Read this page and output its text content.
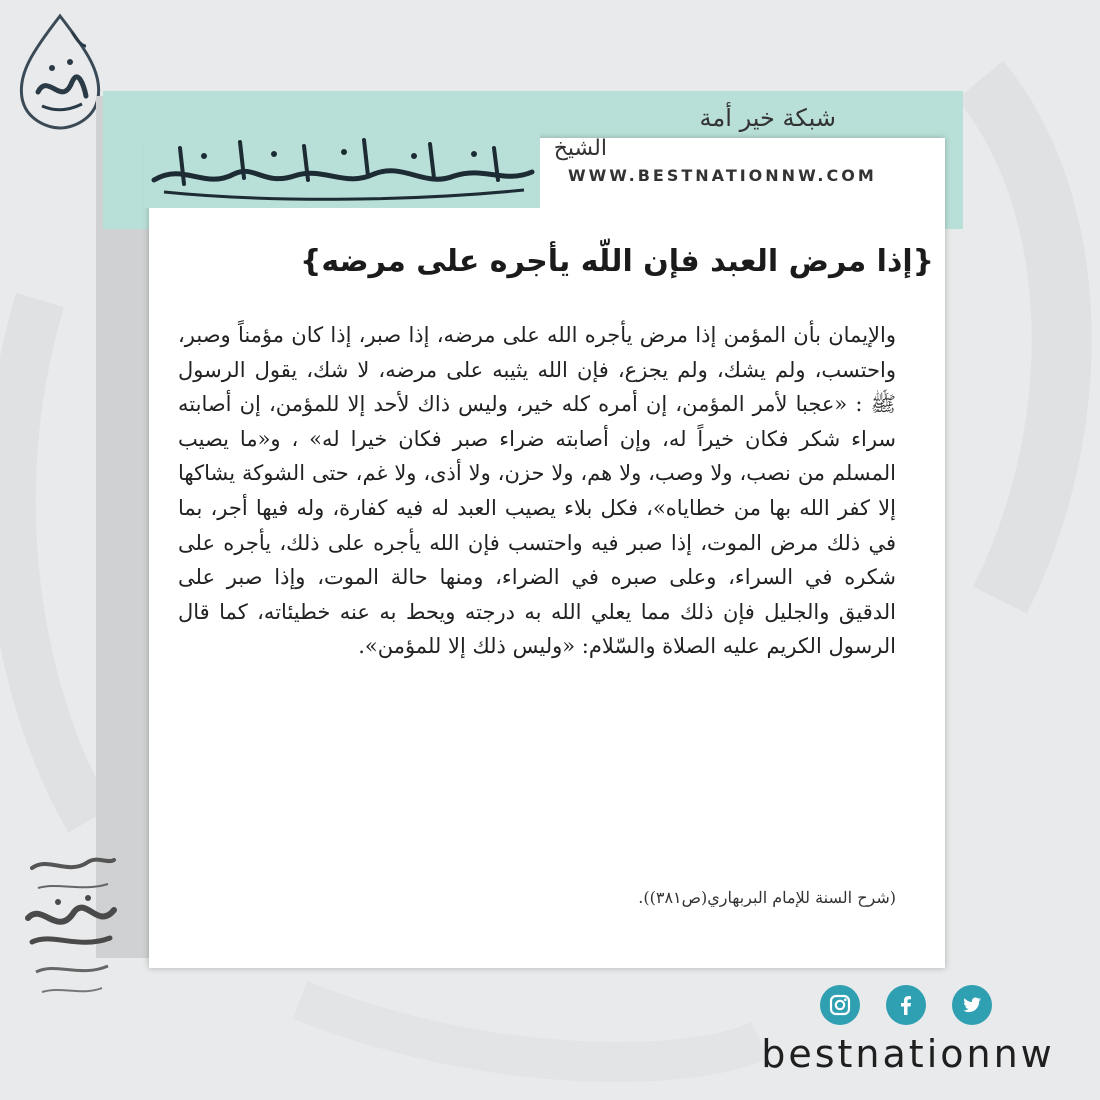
شبكة خير أمة
WWW.BESTNATIONNW.COM
الشيخ
ربيع بن هادي عمير المدخلي
{إذا مرض العبد فإن اللّه يأجره على مرضه}
والإيمان بأن المؤمن إذا مرض يأجره الله على مرضه، إذا صبر، إذا كان مؤمناً وصبر، واحتسب، ولم يشك، ولم يجزع، فإن الله يثيبه على مرضه، لا شك، يقول الرسول ﷺ : «عجبا لأمر المؤمن، إن أمره كله خير، وليس ذاك لأحد إلا للمؤمن، إن أصابته سراء شكر فكان خيراً له، وإن أصابته ضراء صبر فكان خيرا له» ، و«ما يصيب المسلم من نصب، ولا وصب، ولا هم، ولا حزن، ولا أذى، ولا غم، حتى الشوكة يشاكها إلا كفر الله بها من خطاياه»، فكل بلاء يصيب العبد له فيه كفارة، وله فيها أجر، بما في ذلك مرض الموت، إذا صبر فيه واحتسب فإن الله يأجره على ذلك، يأجره على شكره في السراء، وعلى صبره في الضراء، ومنها حالة الموت، وإذا صبر على الدقيق والجليل فإن ذلك مما يعلي الله به درجته ويحط به عنه خطيئاته، كما قال الرسول الكريم عليه الصلاة والسّلام: «وليس ذلك إلا للمؤمن».
(شرح السنة للإمام البربهاري(ص٣٨١)).
bestnationnw
